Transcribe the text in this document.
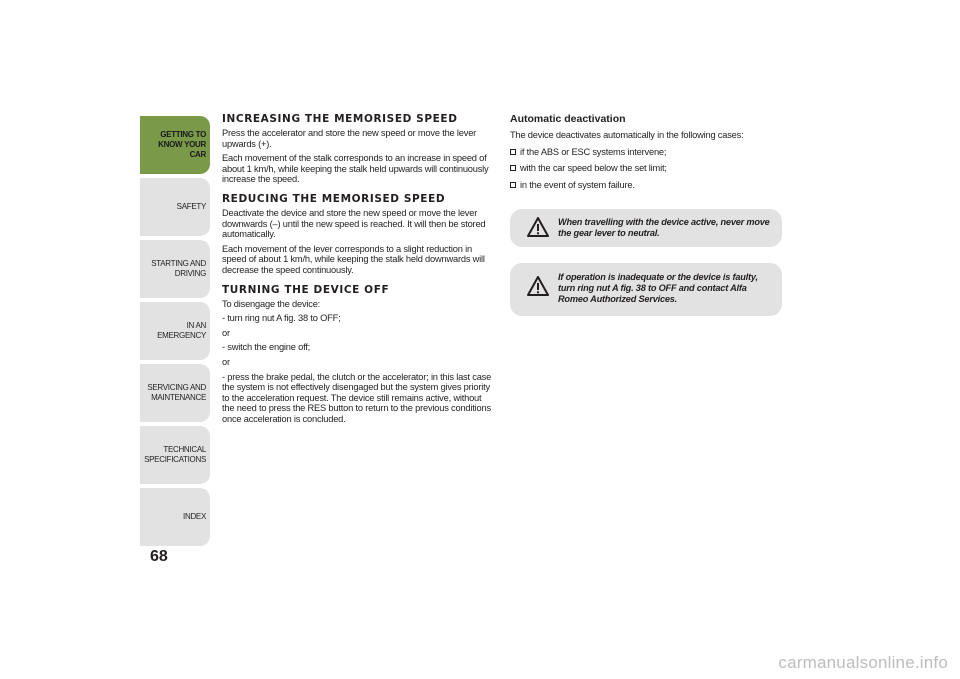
GETTING TO
KNOW YOUR CAR
SAFETY
STARTING AND
DRIVING
IN AN EMERGENCY
SERVICING AND
MAINTENANCE
TECHNICAL
SPECIFICATIONS
INDEX
68
INCREASING THE MEMORISED SPEED

Press the accelerator and store the new speed or move the lever upwards (+).

Each movement of the stalk corresponds to an increase in speed of about 1 km/h, while keeping the stalk held upwards will continuously increase the speed.

REDUCING THE MEMORISED SPEED

Deactivate the device and store the new speed or move the lever downwards (–) until the new speed is reached. It will then be stored automatically.

Each movement of the lever corresponds to a slight reduction in speed of about 1 km/h, while keeping the stalk held downwards will decrease the speed continuously.

TURNING THE DEVICE OFF

To disengage the device:

- turn ring nut A fig. 38 to OFF;

or

- switch the engine off;

or

- press the brake pedal, the clutch or the accelerator; in this last case the system is not effectively disengaged but the system gives priority to the acceleration request. The device still remains active, without the need to press the RES button to return to the previous conditions once acceleration is concluded.

Automatic deactivation

The device deactivates automatically in the following cases:

if the ABS or ESC systems intervene;

with the car speed below the set limit;

in the event of system failure.

When travelling with the device active, never move the gear lever to neutral.
If operation is inadequate or the device is faulty, turn ring nut A fig. 38 to OFF and contact Alfa Romeo Authorized Services.
carmanualsonline.info
